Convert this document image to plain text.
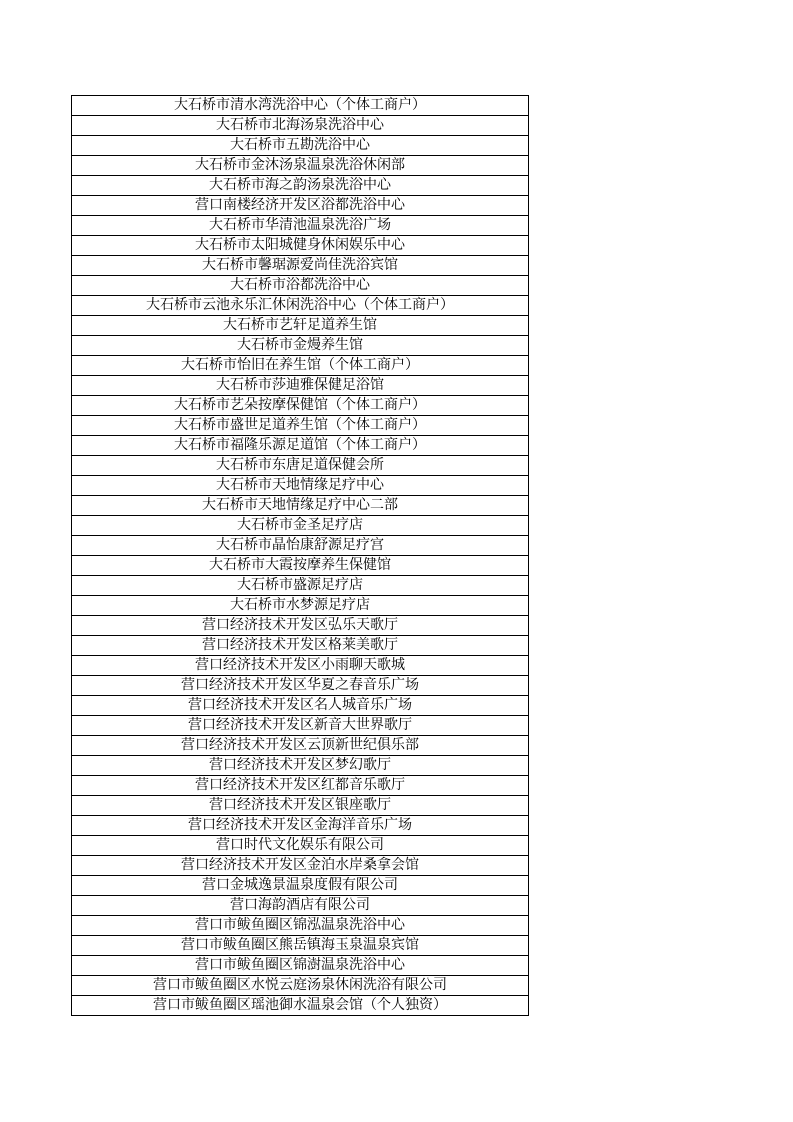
大石桥市清水湾洗浴中心（个体工商户）
大石桥市北海汤泉洗浴中心
大石桥市五勘洗浴中心
大石桥市金沐汤泉温泉洗浴休闲部
大石桥市海之韵汤泉洗浴中心
营口南楼经济开发区浴都洗浴中心
大石桥市华清池温泉洗浴广场
大石桥市太阳城健身休闲娱乐中心
大石桥市馨琚源爱尚佳洗浴宾馆
大石桥市浴都洗浴中心
大石桥市云池永乐汇休闲洗浴中心（个体工商户）
大石桥市艺轩足道养生馆
大石桥市金熳养生馆
大石桥市怡旧在养生馆（个体工商户）
大石桥市莎迪雅保健足浴馆
大石桥市艺朵按摩保健馆（个体工商户）
大石桥市盛世足道养生馆（个体工商户）
大石桥市福隆乐源足道馆（个体工商户）
大石桥市东唐足道保健会所
大石桥市天地情缘足疗中心
大石桥市天地情缘足疗中心二部
大石桥市金圣足疗店
大石桥市晶怡康舒源足疗宫
大石桥市大霞按摩养生保健馆
大石桥市盛源足疗店
大石桥市水梦源足疗店
营口经济技术开发区弘乐天歌厅
营口经济技术开发区格莱美歌厅
营口经济技术开发区小雨聊天歌城
营口经济技术开发区华夏之春音乐广场
营口经济技术开发区名人城音乐广场
营口经济技术开发区新音大世界歌厅
营口经济技术开发区云顶新世纪俱乐部
营口经济技术开发区梦幻歌厅
营口经济技术开发区红都音乐歌厅
营口经济技术开发区银座歌厅
营口经济技术开发区金海洋音乐广场
营口时代文化娱乐有限公司
营口经济技术开发区金泊水岸桑拿会馆
营口金城逸景温泉度假有限公司
营口海韵酒店有限公司
营口市鲅鱼圈区锦泓温泉洗浴中心
营口市鲅鱼圈区熊岳镇海玉泉温泉宾馆
营口市鲅鱼圈区锦澍温泉洗浴中心
营口市鲅鱼圈区水悦云庭汤泉休闲洗浴有限公司
营口市鲅鱼圈区瑶池御水温泉会馆（个人独资）
